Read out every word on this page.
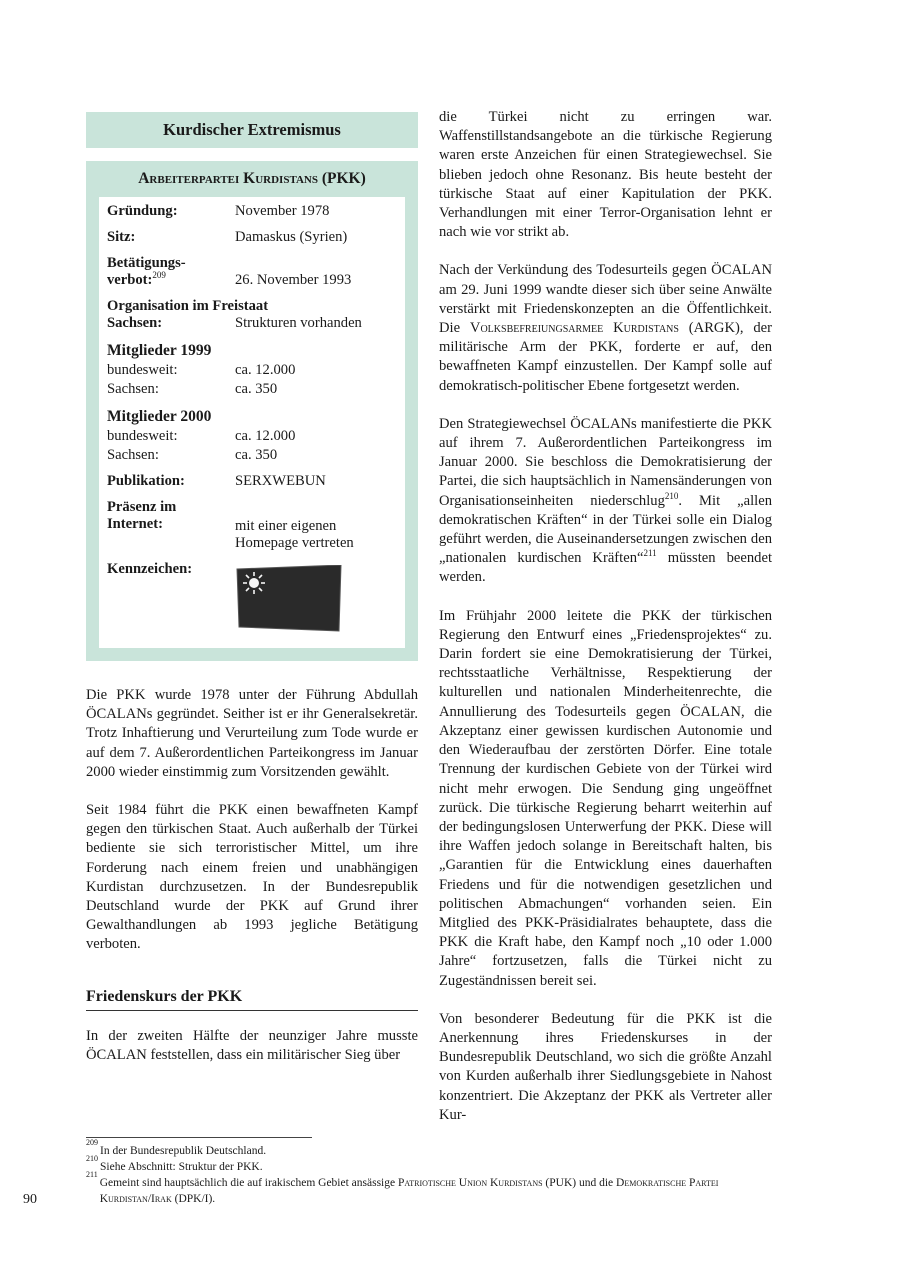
Kurdischer Extremismus
Arbeiterpartei Kurdistans (PKK)
Gründung:	November 1978
Sitz:	Damaskus (Syrien)
Betätigungs-
verbot:$^{209}$	26. November 1993
Organisation im Freistaat
Sachsen:	Strukturen vorhanden
Mitglieder 1999
bundesweit:	ca. 12.000
Sachsen:	ca. 350
Mitglieder 2000
bundesweit:	ca. 12.000
Sachsen:	ca. 350
Publikation:	SERXWEBUN
Präsenz im
Internet:	mit einer eigenen
Homepage vertreten
Kennzeichen:

Die PKK wurde 1978 unter der Führung Abdullah ÖCALANs gegründet. Seither ist er ihr Generalsekretär. Trotz Inhaftierung und Verurteilung zum Tode wurde er auf dem 7. Außerordentlichen Parteikongress im Januar 2000 wieder einstimmig zum Vorsitzenden gewählt.

Seit 1984 führt die PKK einen bewaffneten Kampf gegen den türkischen Staat. Auch außerhalb der Türkei bediente sie sich terroristischer Mittel, um ihre Forderung nach einem freien und unabhängigen Kurdistan durchzusetzen. In der Bundesrepublik Deutschland wurde der PKK auf Grund ihrer Gewalthandlungen ab 1993 jegliche Betätigung verboten.

Friedenskurs der PKK

In der zweiten Hälfte der neunziger Jahre musste ÖCALAN feststellen, dass ein militärischer Sieg über

die Türkei nicht zu erringen war. Waffenstillstandsangebote an die türkische Regierung waren erste Anzeichen für einen Strategiewechsel. Sie blieben jedoch ohne Resonanz. Bis heute besteht der türkische Staat auf einer Kapitulation der PKK. Verhandlungen mit einer Terror-Organisation lehnt er nach wie vor strikt ab.

Nach der Verkündung des Todesurteils gegen ÖCALAN am 29. Juni 1999 wandte dieser sich über seine Anwälte verstärkt mit Friedenskonzepten an die Öffentlichkeit. Die Volksbefreiungsarmee Kurdistans (ARGK), der militärische Arm der PKK, forderte er auf, den bewaffneten Kampf einzustellen. Der Kampf solle auf demokratisch-politischer Ebene fortgesetzt werden.

Den Strategiewechsel ÖCALANs manifestierte die PKK auf ihrem 7. Außerordentlichen Parteikongress im Januar 2000. Sie beschloss die Demokratisierung der Partei, die sich hauptsächlich in Namensänderungen von Organisationseinheiten niederschlug$^{210}$. Mit „allen demokratischen Kräften“ in der Türkei solle ein Dialog geführt werden, die Auseinandersetzungen zwischen den „nationalen kurdischen Kräften“$^{211}$ müssten beendet werden.

Im Frühjahr 2000 leitete die PKK der türkischen Regierung den Entwurf eines „Friedensprojektes“ zu. Darin fordert sie eine Demokratisierung der Türkei, rechtsstaatliche Verhältnisse, Respektierung der kulturellen und nationalen Minderheitenrechte, die Annullierung des Todesurteils gegen ÖCALAN, die Akzeptanz einer gewissen kurdischen Autonomie und den Wiederaufbau der zerstörten Dörfer. Eine totale Trennung der kurdischen Gebiete von der Türkei wird nicht mehr erwogen. Die Sendung ging ungeöffnet zurück. Die türkische Regierung beharrt weiterhin auf der bedingungslosen Unterwerfung der PKK. Diese will ihre Waffen jedoch solange in Bereitschaft halten, bis „Garantien für die Entwicklung eines dauerhaften Friedens und für die notwendigen gesetzlichen und politischen Abmachungen“ vorhanden seien. Ein Mitglied des PKK-Präsidialrates behauptete, dass die PKK die Kraft habe, den Kampf noch „10 oder 1.000 Jahre“ fortzusetzen, falls die Türkei nicht zu Zugeständnissen bereit sei.

Von besonderer Bedeutung für die PKK ist die Anerkennung ihres Friedenskurses in der Bundesrepublik Deutschland, wo sich die größte Anzahl von Kurden außerhalb ihrer Siedlungsgebiete in Nahost konzentriert. Die Akzeptanz der PKK als Vertreter aller Kur-

209
In der Bundesrepublik Deutschland.
210
Siehe Abschnitt: Struktur der PKK.
211
Gemeint sind hauptsächlich die auf irakischem Gebiet ansässige Patriotische Union Kurdistans (PUK) und die Demokratische Partei Kurdistan/Irak (DPK/I).
90
